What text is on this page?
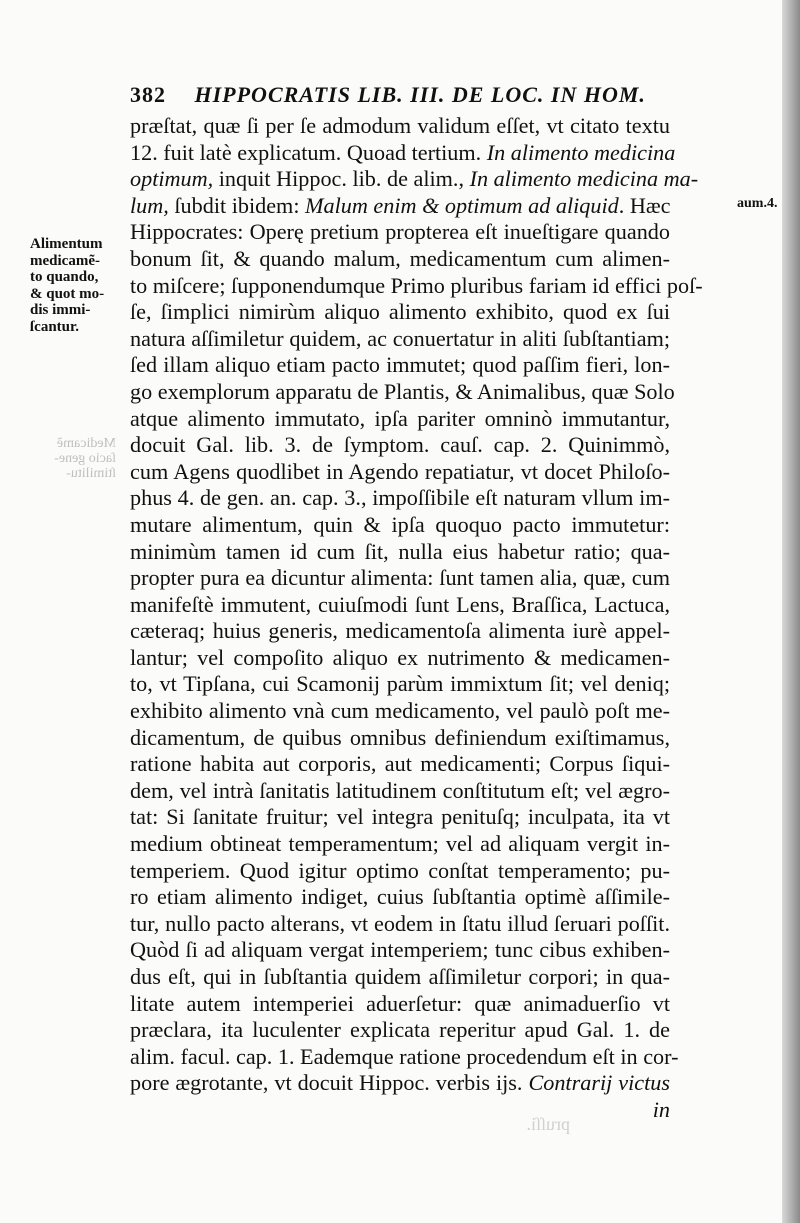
382 HIPPOCRATIS LIB. III. DE LOC. IN HOM.
aum.4.
Alimentum
medicamẽ-
to quando,
& quot mo-
dis immi-
ſcantur.
Medicamẽ
ſacio gene-
ſtimilitu-
pruſſi.
præſtat, quæ ſi per ſe admodum validum eſſet, vt citato textu
12. fuit latè explicatum. Quoad tertium. In alimento medicina
optimum, inquit Hippoc. lib. de alim., In alimento medicina ma-
lum, ſubdit ibidem: Malum enim & optimum ad aliquid. Hæc
Hippocrates: Operę pretium propterea eſt inueſtigare quando
bonum ſit, & quando malum, medicamentum cum alimen-
to miſcere; ſupponendumque Primo pluribus fariam id effici poſ-
ſe, ſimplici nimirùm aliquo alimento exhibito, quod ex ſui
natura aſſimiletur quidem, ac conuertatur in aliti ſubſtantiam;
ſed illam aliquo etiam pacto immutet; quod paſſim fieri, lon-
go exemplorum apparatu de Plantis, & Animalibus, quæ Solo
atque alimento immutato, ipſa pariter omninò immutantur,
docuit Gal. lib. 3. de ſymptom. cauſ. cap. 2. Quinimmò,
cum Agens quodlibet in Agendo repatiatur, vt docet Philoſo-
phus 4. de gen. an. cap. 3., impoſſibile eſt naturam vllum im-
mutare alimentum, quin & ipſa quoquo pacto immutetur:
minimùm tamen id cum ſit, nulla eius habetur ratio; qua-
propter pura ea dicuntur alimenta: ſunt tamen alia, quæ, cum
manifeſtè immutent, cuiuſmodi ſunt Lens, Braſſica, Lactuca,
cæteraq; huius generis, medicamentoſa alimenta iurè appel-
lantur; vel compoſito aliquo ex nutrimento & medicamen-
to, vt Tipſana, cui Scamonij parùm immixtum ſit; vel deniq;
exhibito alimento vnà cum medicamento, vel paulò poſt me-
dicamentum, de quibus omnibus definiendum exiſtimamus,
ratione habita aut corporis, aut medicamenti; Corpus ſiqui-
dem, vel intrà ſanitatis latitudinem conſtitutum eſt; vel ægro-
tat: Si ſanitate fruitur; vel integra penituſq; inculpata, ita vt
medium obtineat temperamentum; vel ad aliquam vergit in-
temperiem. Quod igitur optimo conſtat temperamento; pu-
ro etiam alimento indiget, cuius ſubſtantia optimè aſſimile-
tur, nullo pacto alterans, vt eodem in ſtatu illud ſeruari poſſit.
Quòd ſi ad aliquam vergat intemperiem; tunc cibus exhiben-
dus eſt, qui in ſubſtantia quidem aſſimiletur corpori; in qua-
litate autem intemperiei aduerſetur: quæ animaduerſio vt
præclara, ita luculenter explicata reperitur apud Gal. 1. de
alim. facul. cap. 1. Eademque ratione procedendum eſt in cor-
pore ægrotante, vt docuit Hippoc. verbis ijs. Contrarij victus
in
